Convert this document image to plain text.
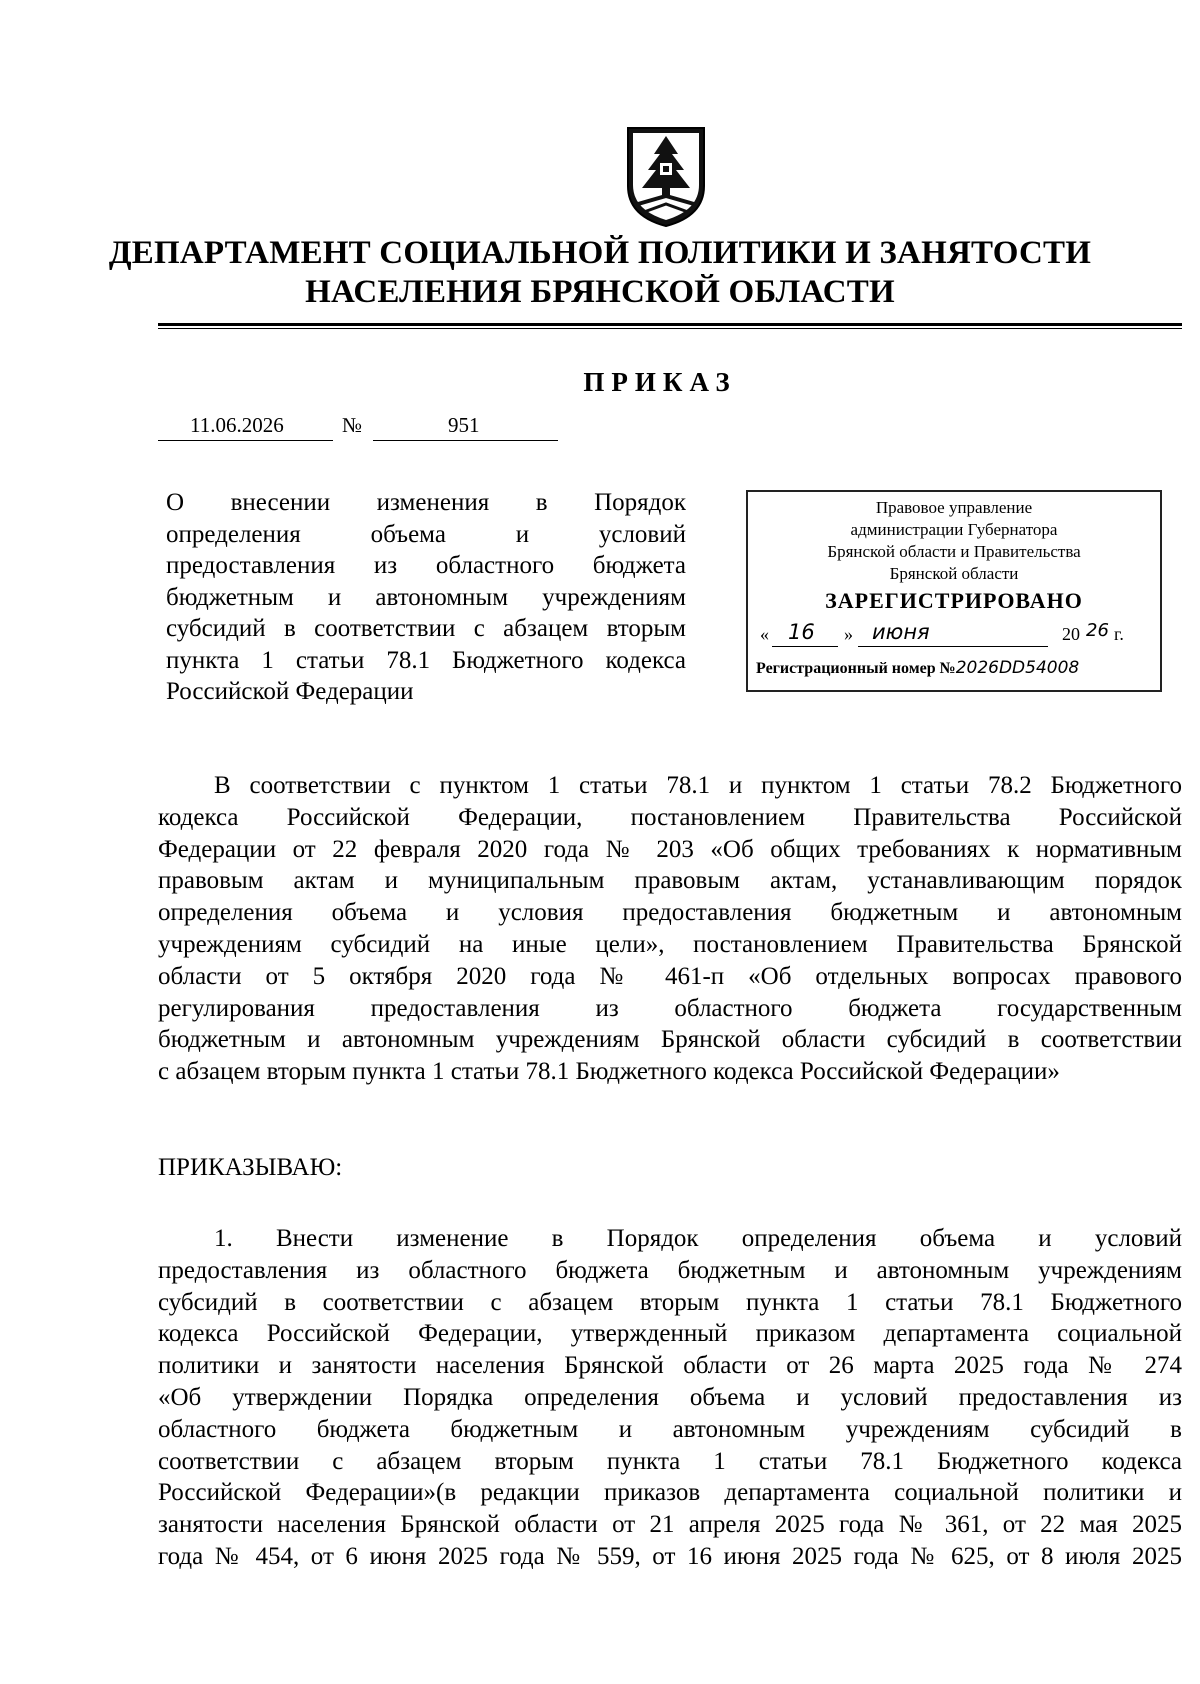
ДЕПАРТАМЕНТ СОЦИАЛЬНОЙ ПОЛИТИКИ И ЗАНЯТОСТИ
НАСЕЛЕНИЯ БРЯНСКОЙ ОБЛАСТИ
ПРИКАЗ
11.06.2026	№	951
О внесении изменения в Порядок
определения объема и условий
предоставления из областного бюджета
бюджетным и автономным учреждениям
субсидий в соответствии с абзацем вторым
пункта 1 статьи 78.1 Бюджетного кодекса
Российской Федерации
Правовое управление
администрации Губернатора
Брянской области и Правительства
Брянской области
ЗАРЕГИСТРИРОВАНО
« 16 » июня	20 26 г.
Регистрационный номер №2026DD54008
В соответствии с пунктом 1 статьи 78.1 и пунктом 1 статьи 78.2 Бюджетного
кодекса Российской Федерации, постановлением Правительства Российской
Федерации от 22 февраля 2020 года № 203 «Об общих требованиях к нормативным
правовым актам и муниципальным правовым актам, устанавливающим порядок
определения объема и условия предоставления бюджетным и автономным
учреждениям субсидий на иные цели», постановлением Правительства Брянской
области от 5 октября 2020 года № 461-п «Об отдельных вопросах правового
регулирования предоставления из областного бюджета государственным
бюджетным и автономным учреждениям Брянской области субсидий в соответствии
с абзацем вторым пункта 1 статьи 78.1 Бюджетного кодекса Российской Федерации»
ПРИКАЗЫВАЮ:
1. Внести изменение в Порядок определения объема и условий
предоставления из областного бюджета бюджетным и автономным учреждениям
субсидий в соответствии с абзацем вторым пункта 1 статьи 78.1 Бюджетного
кодекса Российской Федерации, утвержденный приказом департамента социальной
политики и занятости населения Брянской области от 26 марта 2025 года № 274
«Об утверждении Порядка определения объема и условий предоставления из
областного бюджета бюджетным и автономным учреждениям субсидий в
соответствии с абзацем вторым пункта 1 статьи 78.1 Бюджетного кодекса
Российской Федерации»(в редакции приказов департамента социальной политики и
занятости населения Брянской области от 21 апреля 2025 года № 361, от 22 мая 2025
года № 454, от 6 июня 2025 года № 559, от 16 июня 2025 года № 625, от 8 июля 2025
